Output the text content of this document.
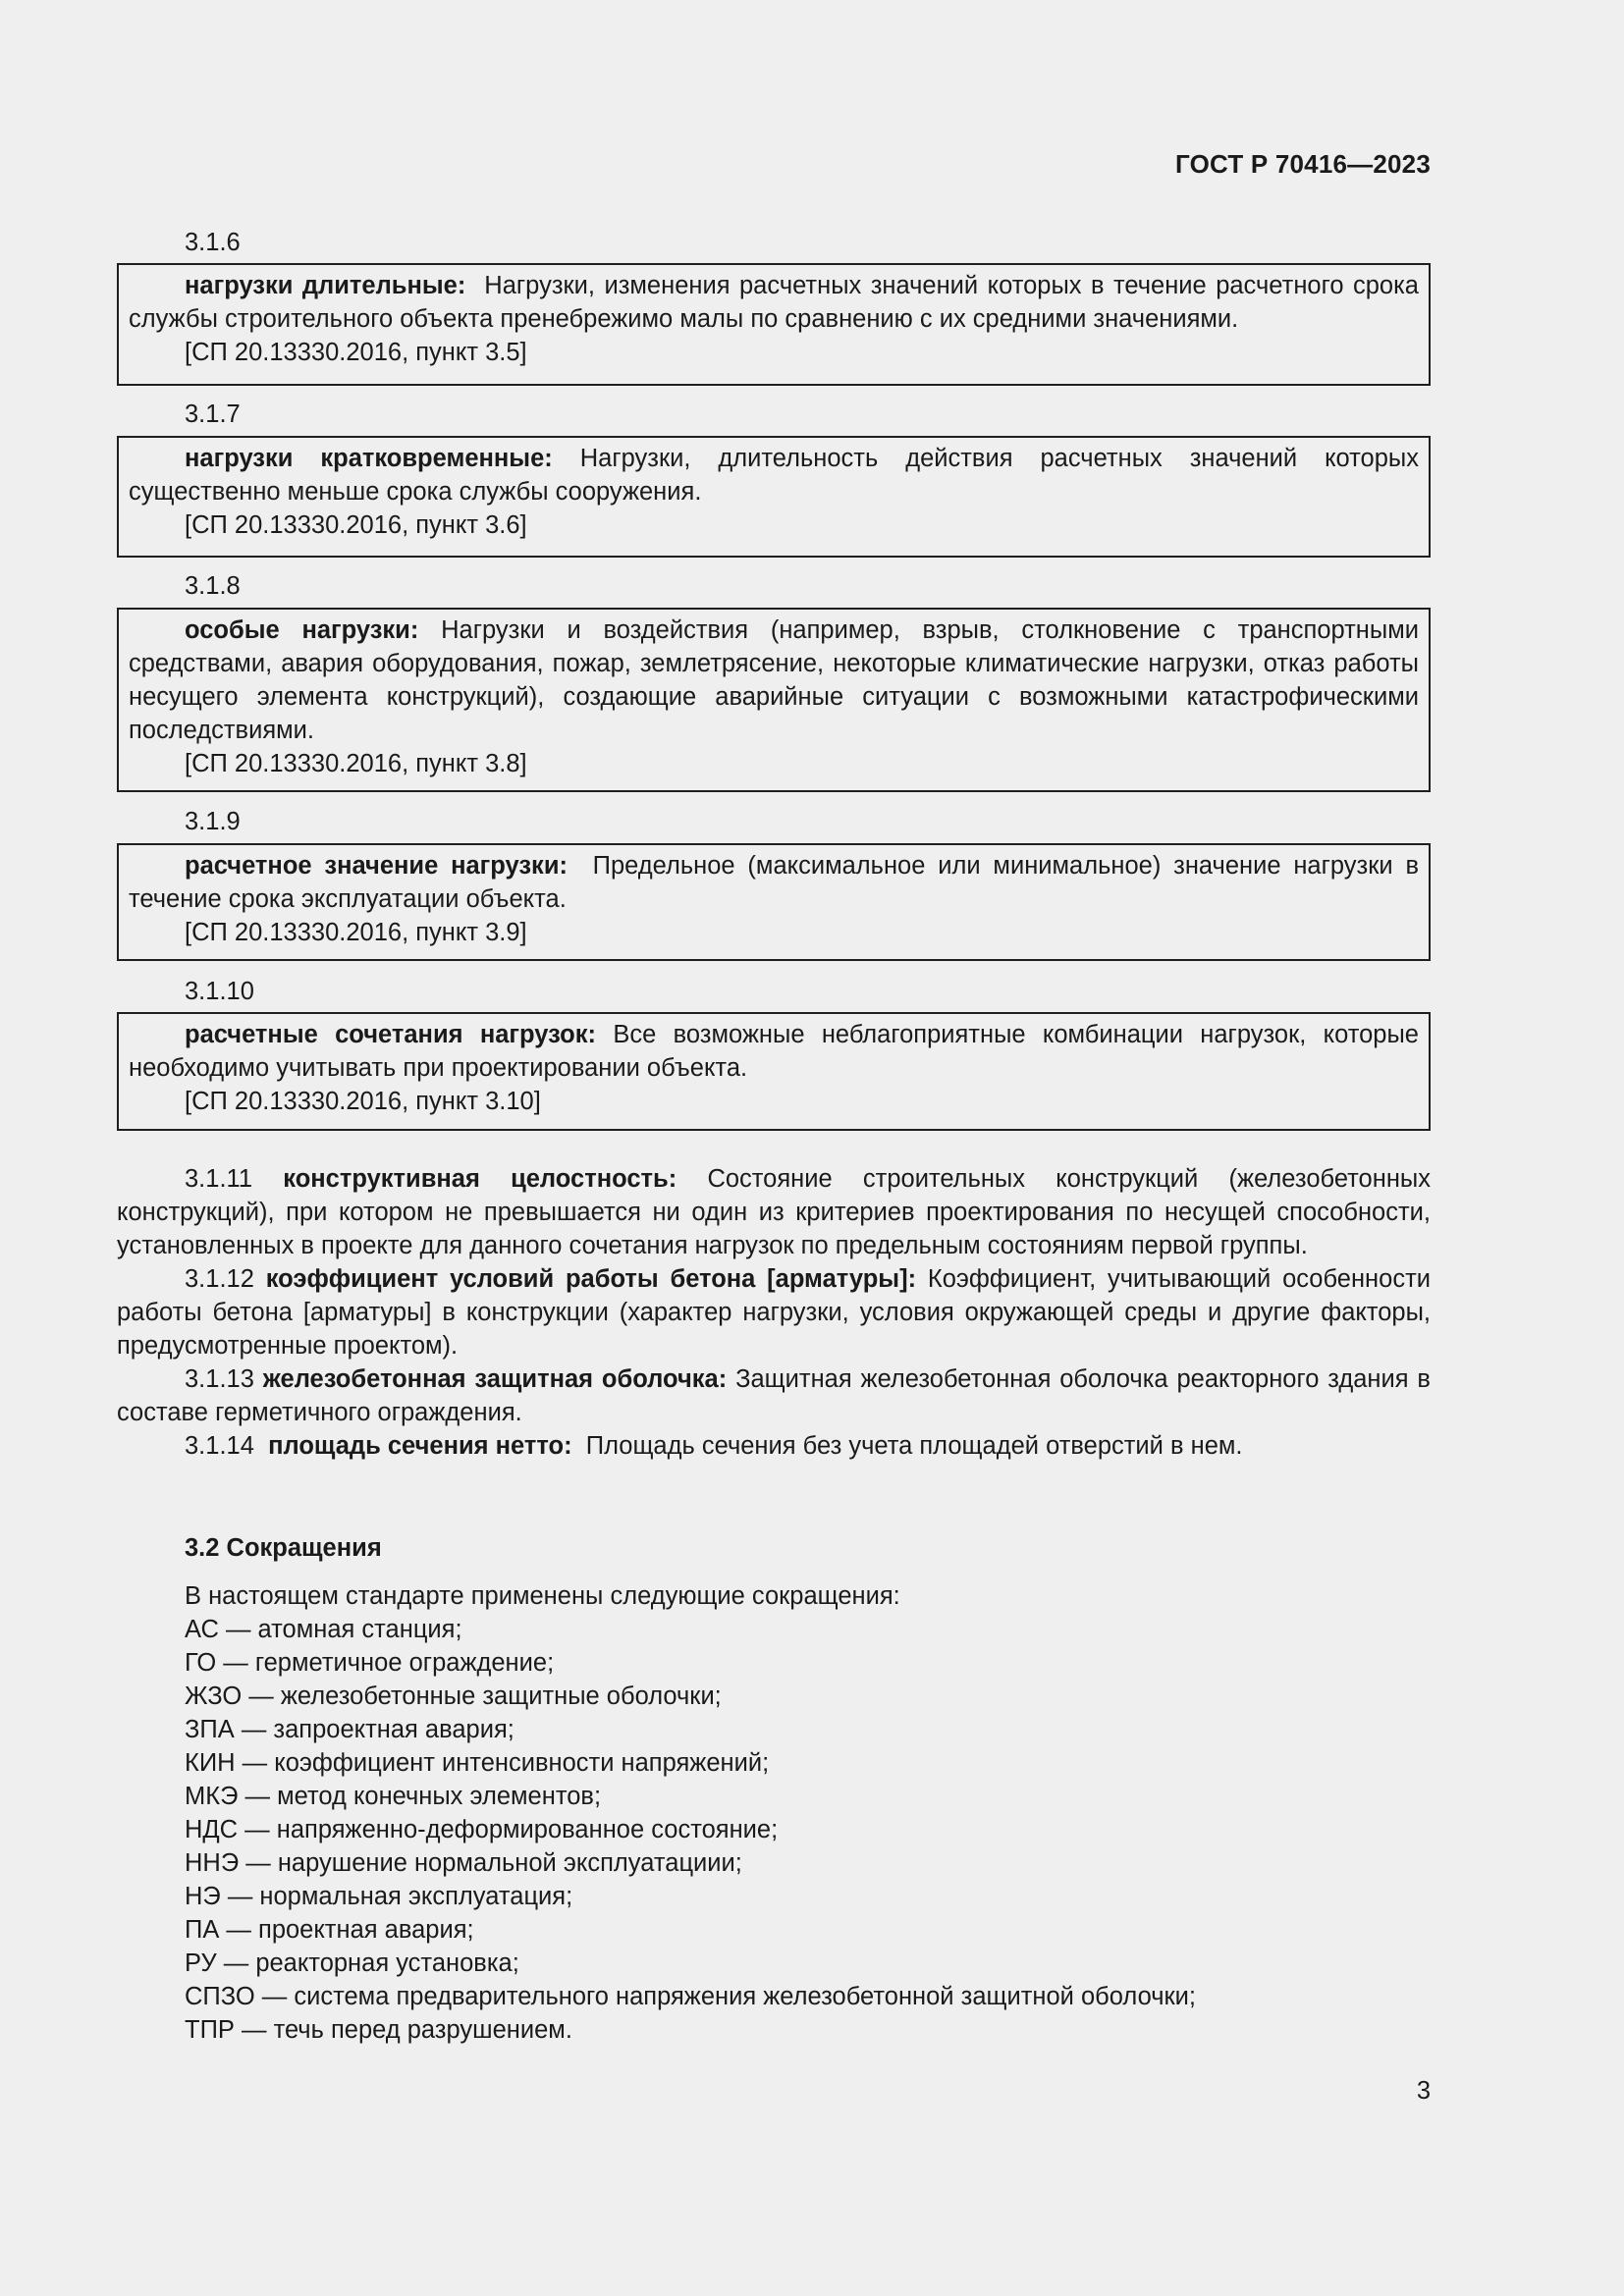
ГОСТ Р 70416—2023
3.1.6

нагрузки длительные: Нагрузки, изменения расчетных значений которых в течение расчетного срока службы строительного объекта пренебрежимо малы по сравнению с их средними значениями.

[СП 20.13330.2016, пункт 3.5]
3.1.7

нагрузки кратковременные: Нагрузки, длительность действия расчетных значений которых существенно меньше срока службы сооружения.

[СП 20.13330.2016, пункт 3.6]
3.1.8

особые нагрузки: Нагрузки и воздействия (например, взрыв, столкновение с транспортными средствами, авария оборудования, пожар, землетрясение, некоторые климатические нагрузки, отказ работы несущего элемента конструкций), создающие аварийные ситуации с возможными катастрофическими последствиями.

[СП 20.13330.2016, пункт 3.8]
3.1.9

расчетное значение нагрузки: Предельное (максимальное или минимальное) значение нагрузки в течение срока эксплуатации объекта.

[СП 20.13330.2016, пункт 3.9]
3.1.10

расчетные сочетания нагрузок: Все возможные неблагоприятные комбинации нагрузок, которые необходимо учитывать при проектировании объекта.

[СП 20.13330.2016, пункт 3.10]

3.1.11 конструктивная целостность: Состояние строительных конструкций (железобетонных конструкций), при котором не превышается ни один из критериев проектирования по несущей способности, установленных в проекте для данного сочетания нагрузок по предельным состояниям первой группы.

3.1.12 коэффициент условий работы бетона [арматуры]: Коэффициент, учитывающий особенности работы бетона [арматуры] в конструкции (характер нагрузки, условия окружающей среды и другие факторы, предусмотренные проектом).

3.1.13 железобетонная защитная оболочка: Защитная железобетонная оболочка реакторного здания в составе герметичного ограждения.

3.1.14 площадь сечения нетто: Площадь сечения без учета площадей отверстий в нем.

3.2 Сокращения
В настоящем стандарте применены следующие сокращения:
АС — атомная станция;
ГО — герметичное ограждение;
ЖЗО — железобетонные защитные оболочки;
ЗПА — запроектная авария;
КИН — коэффициент интенсивности напряжений;
МКЭ — метод конечных элементов;
НДС — напряженно-деформированное состояние;
ННЭ — нарушение нормальной эксплуатациии;
НЭ — нормальная эксплуатация;
ПА — проектная авария;
РУ — реакторная установка;
СПЗО — система предварительного напряжения железобетонной защитной оболочки;
ТПР — течь перед разрушением.
3
